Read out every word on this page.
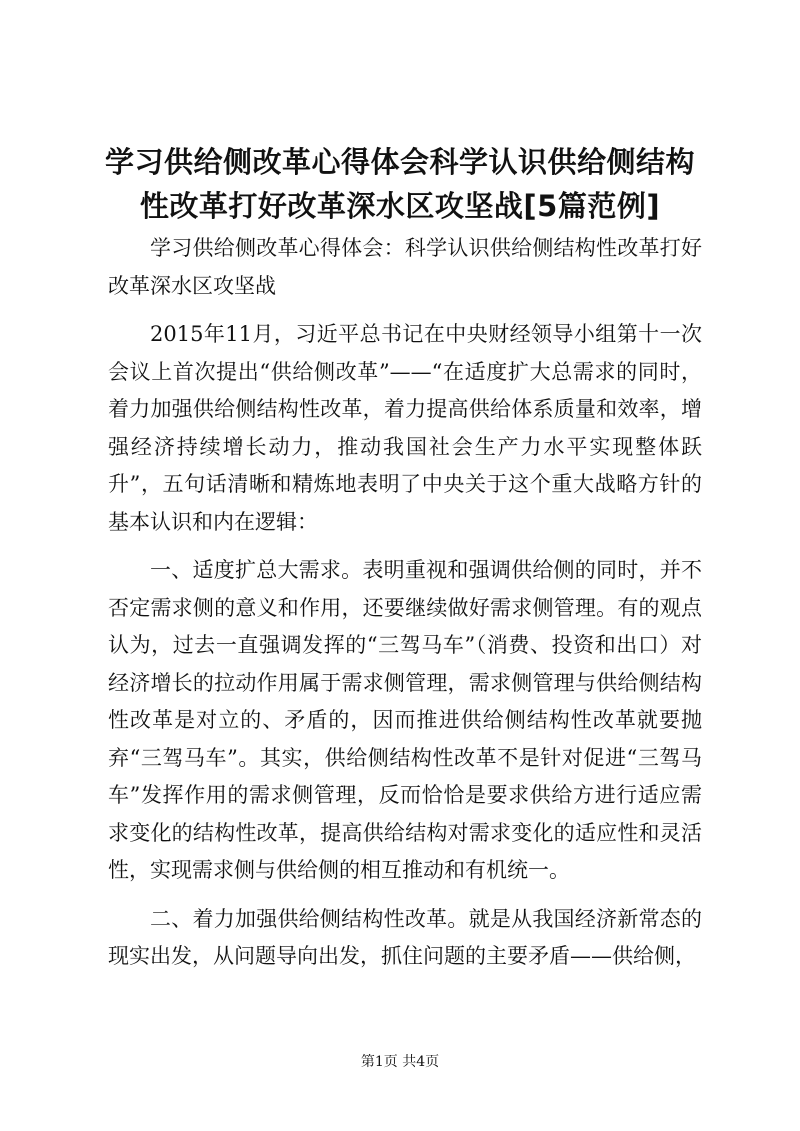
学习供给侧改革心得体会科学认识供给侧结构性改革打好改革深水区攻坚战[5篇范例]

学习供给侧改革心得体会：科学认识供给侧结构性改革打好改革深水区攻坚战

2015年11月，习近平总书记在中央财经领导小组第十一次会议上首次提出“供给侧改革”——“在适度扩大总需求的同时，着力加强供给侧结构性改革，着力提高供给体系质量和效率，增强经济持续增长动力，推动我国社会生产力水平实现整体跃升”，五句话清晰和精炼地表明了中央关于这个重大战略方针的基本认识和内在逻辑：

一、适度扩总大需求。表明重视和强调供给侧的同时，并不否定需求侧的意义和作用，还要继续做好需求侧管理。有的观点认为，过去一直强调发挥的“三驾马车”（消费、投资和出口）对经济增长的拉动作用属于需求侧管理，需求侧管理与供给侧结构性改革是对立的、矛盾的，因而推进供给侧结构性改革就要抛弃“三驾马车”。其实，供给侧结构性改革不是针对促进“三驾马车”发挥作用的需求侧管理，反而恰恰是要求供给方进行适应需求变化的结构性改革，提高供给结构对需求变化的适应性和灵活性，实现需求侧与供给侧的相互推动和有机统一。

二、着力加强供给侧结构性改革。就是从我国经济新常态的现实出发，从问题导向出发，抓住问题的主要矛盾——供给侧，

第1页 共4页
